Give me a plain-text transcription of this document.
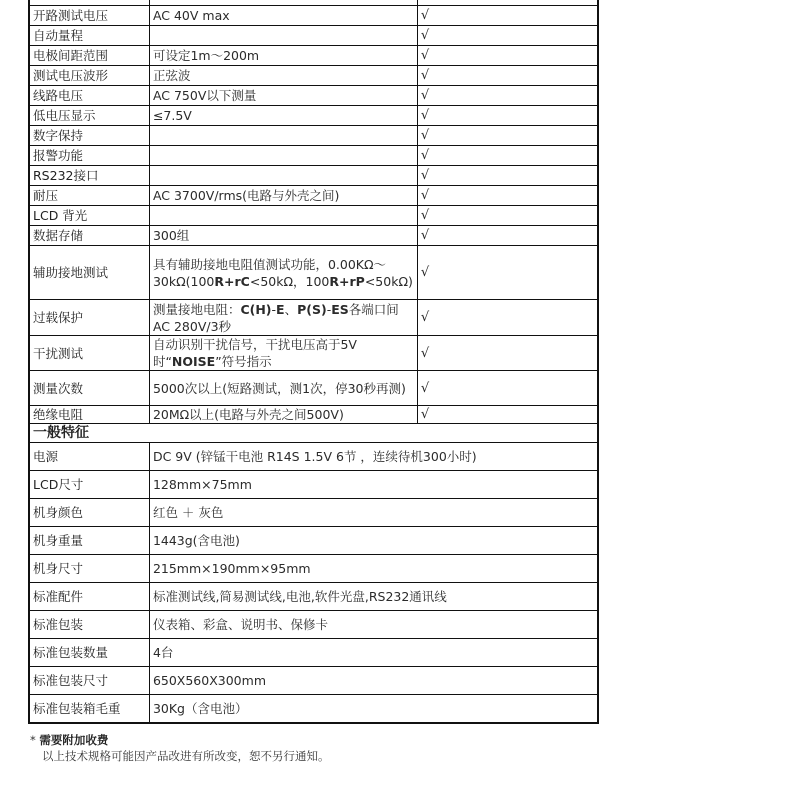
开路测试电压	AC 40V max	√
自动量程		√
电极间距范围	可设定1m～200m	√
测试电压波形	正弦波	√
线路电压	AC 750V以下测量	√
低电压显示	≤7.5V	√
数字保持		√
报警功能		√
RS232接口		√
耐压	AC 3700V/rms(电路与外壳之间)	√
LCD 背光		√
数据存储	300组	√
辅助接地测试	具有辅助接地电阻值测试功能，0.00KΩ～30kΩ(100R+rC<50kΩ，100R+rP<50kΩ)	√
过载保护	测量接地电阻：C(H)-E、P(S)-ES各端口间AC 280V/3秒	√
干扰测试	自动识别干扰信号，干扰电压高于5V时“NOISE”符号指示	√
测量次数	5000次以上(短路测试，测1次，停30秒再测)	√
绝缘电阻	20MΩ以上(电路与外壳之间500V)	√
一般特征		
电源	DC 9V (锌锰干电池 R14S 1.5V 6节 ，连续待机300小时)	
LCD尺寸	128mm×75mm	
机身颜色	红色 ＋ 灰色	
机身重量	1443g(含电池)	
机身尺寸	215mm×190mm×95mm	
标准配件	标准测试线,简易测试线,电池,软件光盘,RS232通讯线	
标准包装	仪表箱、彩盒、说明书、保修卡	
标准包装数量	4台	
标准包装尺寸	650X560X300mm	
标准包装箱毛重	30Kg（含电池）	
* 需要附加收费
以上技术规格可能因产品改进有所改变，恕不另行通知。
